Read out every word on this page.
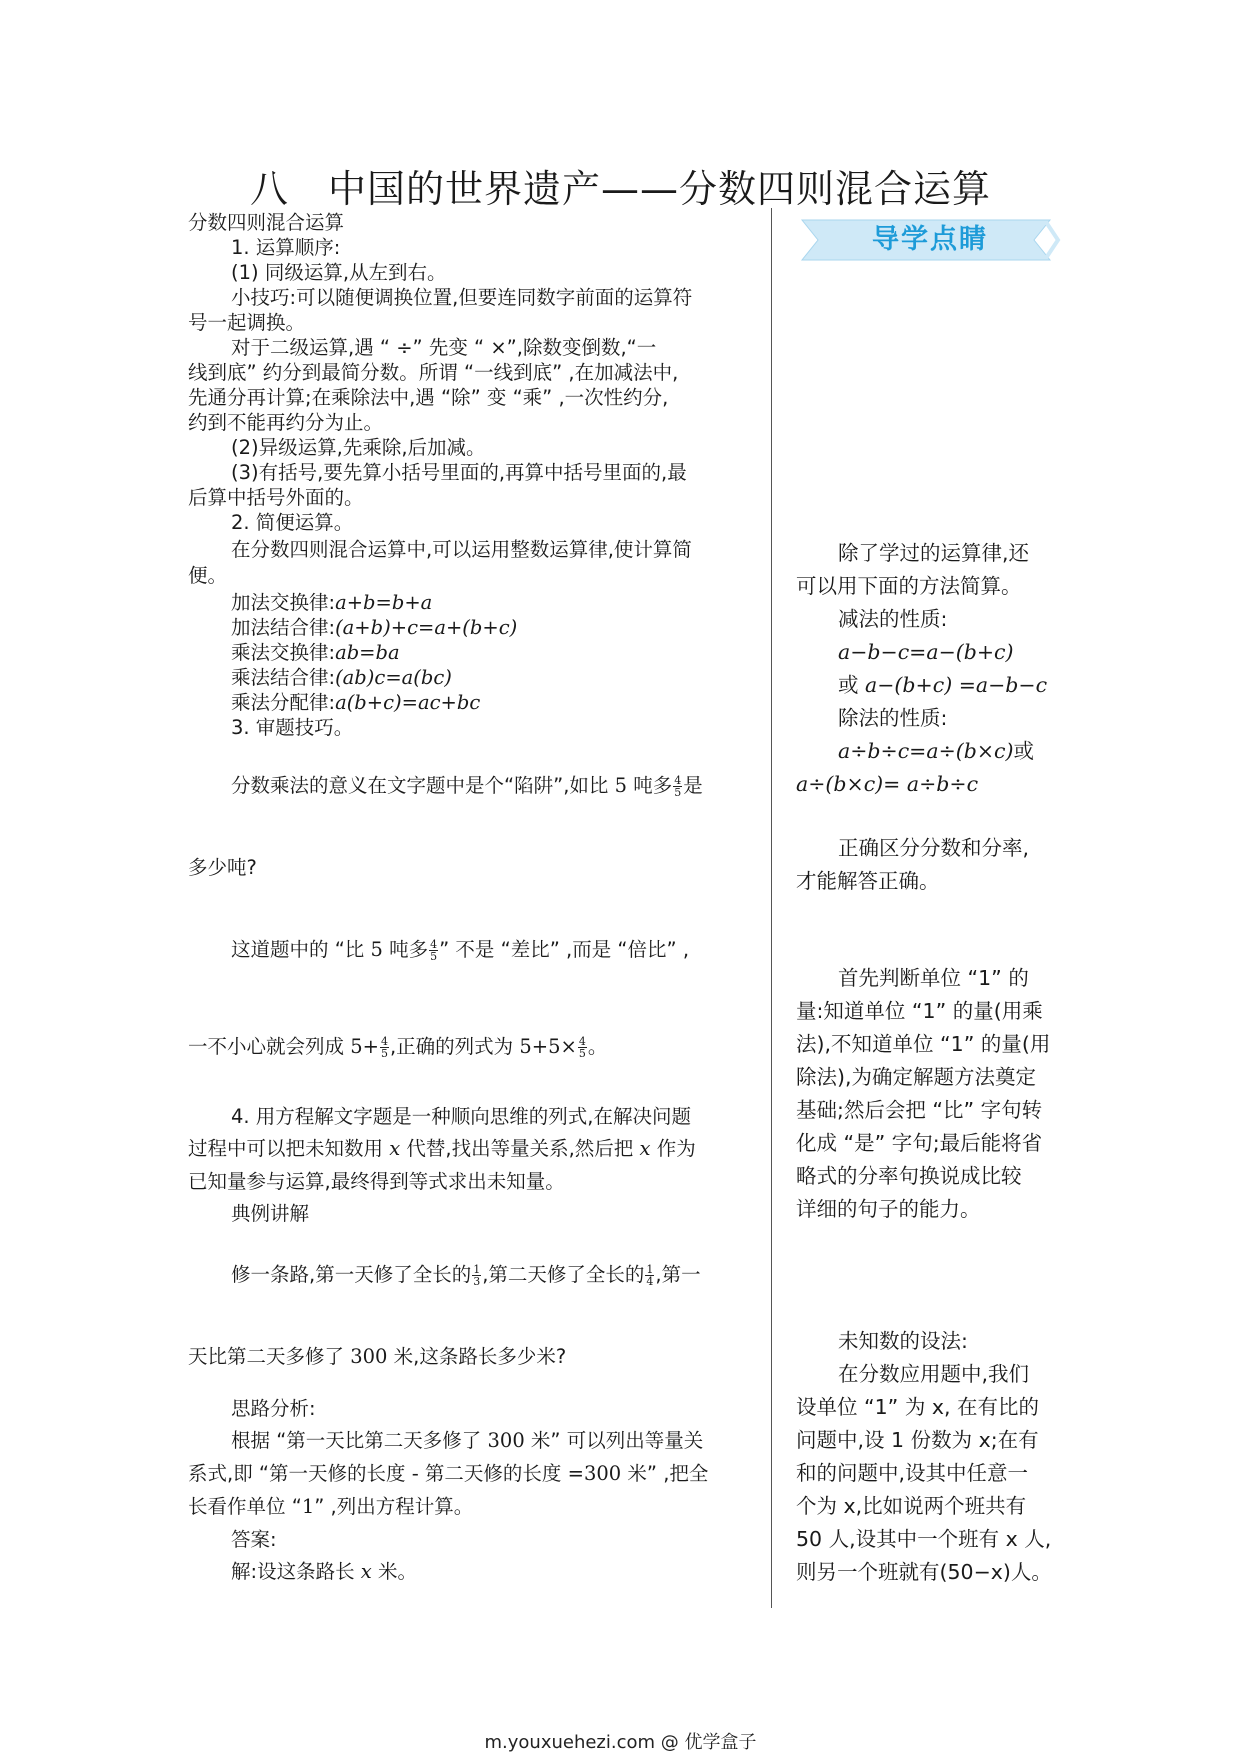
八　中国的世界遗产——分数四则混合运算
导学点睛
分数四则混合运算
1. 运算顺序:
(1) 同级运算,从左到右。
小技巧:可以随便调换位置,但要连同数字前面的运算符
号一起调换。
对于二级运算,遇 “ ÷” 先变 “ ×”,除数变倒数,“一
线到底” 约分到最简分数。所谓 “一线到底” ,在加减法中,
先通分再计算;在乘除法中,遇 “除” 变 “乘” ,一次性约分,
约到不能再约分为止。
(2)异级运算,先乘除,后加减。
(3)有括号,要先算小括号里面的,再算中括号里面的,最
后算中括号外面的。
2. 简便运算。
在分数四则混合运算中,可以运用整数运算律,使计算简
便。
加法交换律:a+b=b+a
加法结合律:(a+b)+c=a+(b+c)
乘法交换律:ab=ba
乘法结合律:(ab)c=a(bc)
乘法分配律:a(b+c)=ac+bc
3. 审题技巧。
分数乘法的意义在文字题中是个“陷阱”,如比 5 吨多 $\frac{4}{5}$ 是
多少吨?
这道题中的 “比 5 吨多 $\frac{4}{5}$ ” 不是 “差比” ,而是 “倍比” ,
一不小心就会列成 $5+ \frac{4}{5}$ ,正确的列式为 $5+5\times \frac{4}{5}$ 。
4. 用方程解文字题是一种顺向思维的列式,在解决问题
过程中可以把未知数用 x 代替,找出等量关系,然后把 x 作为
已知量参与运算,最终得到等式求出未知量。
典例讲解
修一条路,第一天修了全长的 $\frac{1}{3}$ ,第二天修了全长的 $\frac{1}{4}$ ,第一
天比第二天多修了 300 米,这条路长多少米?
思路分析:
根据 “第一天比第二天多修了 300 米” 可以列出等量关
系式,即 “第一天修的长度 - 第二天修的长度 =300 米” ,把全
长看作单位 “1” ,列出方程计算。
答案:
解:设这条路长 x 米。
除了学过的运算律,还
可以用下面的方法简算。
减法的性质:
a−b−c=a−(b+c)
或 a−(b+c) =a−b−c
除法的性质:
a÷b÷c=a÷(b×c)或
a÷(b×c)= a÷b÷c
正确区分分数和分率,
才能解答正确。
首先判断单位 “1” 的
量:知道单位 “1” 的量(用乘
法),不知道单位 “1” 的量(用
除法),为确定解题方法奠定
基础;然后会把 “比” 字句转
化成 “是” 字句;最后能将省
略式的分率句换说成比较
详细的句子的能力。
未知数的设法:
在分数应用题中,我们
设单位 “1” 为 x, 在有比的
问题中,设 1 份数为 x;在有
和的问题中,设其中任意一
个为 x,比如说两个班共有
50 人,设其中一个班有 x 人,
则另一个班就有(50−x)人。
m.youxuehezi.com @ 优学盒子
